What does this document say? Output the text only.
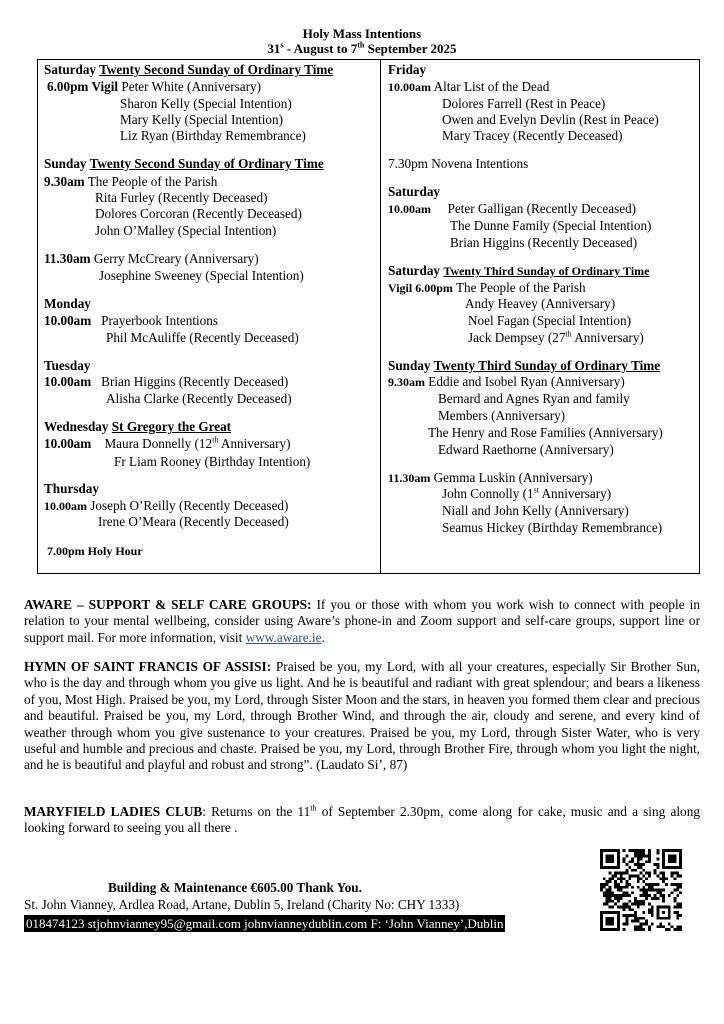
Holy Mass Intentions
31$^s$ - August to 7th September 2025
Saturday Twenty Second Sunday of Ordinary Time
6.00pm Vigil Peter White (Anniversary)
Sharon Kelly (Special Intention)
Mary Kelly (Special Intention)
Liz Ryan (Birthday Remembrance)
Sunday Twenty Second Sunday of Ordinary Time
9.30am The People of the Parish
Rita Furley (Recently Deceased)
Dolores Corcoran (Recently Deceased)
John O’Malley (Special Intention)
11.30am Gerry McCreary (Anniversary)
Josephine Sweeney (Special Intention)
Monday
10.00am Prayerbook Intentions
Phil McAuliffe (Recently Deceased)
Tuesday
10.00am Brian Higgins (Recently Deceased)
Alisha Clarke (Recently Deceased)
Wednesday St Gregory the Great
10.00am Maura Donnelly (12th Anniversary)
Fr Liam Rooney (Birthday Intention)
Thursday
10.00am Joseph O’Reilly (Recently Deceased)
Irene O’Meara (Recently Deceased)
7.00pm Holy Hour
Friday
10.00am Altar List of the Dead
Dolores Farrell (Rest in Peace)
Owen and Evelyn Devlin (Rest in Peace)
Mary Tracey (Recently Deceased)
7.30pm Novena Intentions
Saturday
10.00am Peter Galligan (Recently Deceased)
The Dunne Family (Special Intention)
Brian Higgins (Recently Deceased)
Saturday Twenty Third Sunday of Ordinary Time
Vigil 6.00pm The People of the Parish
Andy Heavey (Anniversary)
Noel Fagan (Special Intention)
Jack Dempsey (27th Anniversary)
Sunday Twenty Third Sunday of Ordinary Time
9.30am Eddie and Isobel Ryan (Anniversary)
Bernard and Agnes Ryan and family
Members (Anniversary)
The Henry and Rose Families (Anniversary)
Edward Raethorne (Anniversary)
11.30am Gemma Luskin (Anniversary)
John Connolly (1st Anniversary)
Niall and John Kelly (Anniversary)
Seamus Hickey (Birthday Remembrance)
AWARE – SUPPORT & SELF CARE GROUPS: If you or those with whom you work wish to connect with people in relation to your mental wellbeing, consider using Aware’s phone-in and Zoom support and self-care groups, support line or support mail. For more information, visit www.aware.ie.
HYMN OF SAINT FRANCIS OF ASSISI: Praised be you, my Lord, with all your creatures, especially Sir Brother Sun, who is the day and through whom you give us light. And he is beautiful and radiant with great splendour; and bears a likeness of you, Most High. Praised be you, my Lord, through Sister Moon and the stars, in heaven you formed them clear and precious and beautiful. Praised be you, my Lord, through Brother Wind, and through the air, cloudy and serene, and every kind of weather through whom you give sustenance to your creatures. Praised be you, my Lord, through Sister Water, who is very useful and humble and precious and chaste. Praised be you, my Lord, through Brother Fire, through whom you light the night, and he is beautiful and playful and robust and strong”. (Laudato Si’, 87)
MARYFIELD LADIES CLUB: Returns on the 11th of September 2.30pm, come along for cake, music and a sing along looking forward to seeing you all there .
Building & Maintenance €605.00 Thank You.
St. John Vianney, Ardlea Road, Artane, Dublin 5, Ireland (Charity No: CHY 1333)
018474123 stjohnvianney95@gmail.com johnvianneydublin.com F: ‘John Vianney’,Dublin
